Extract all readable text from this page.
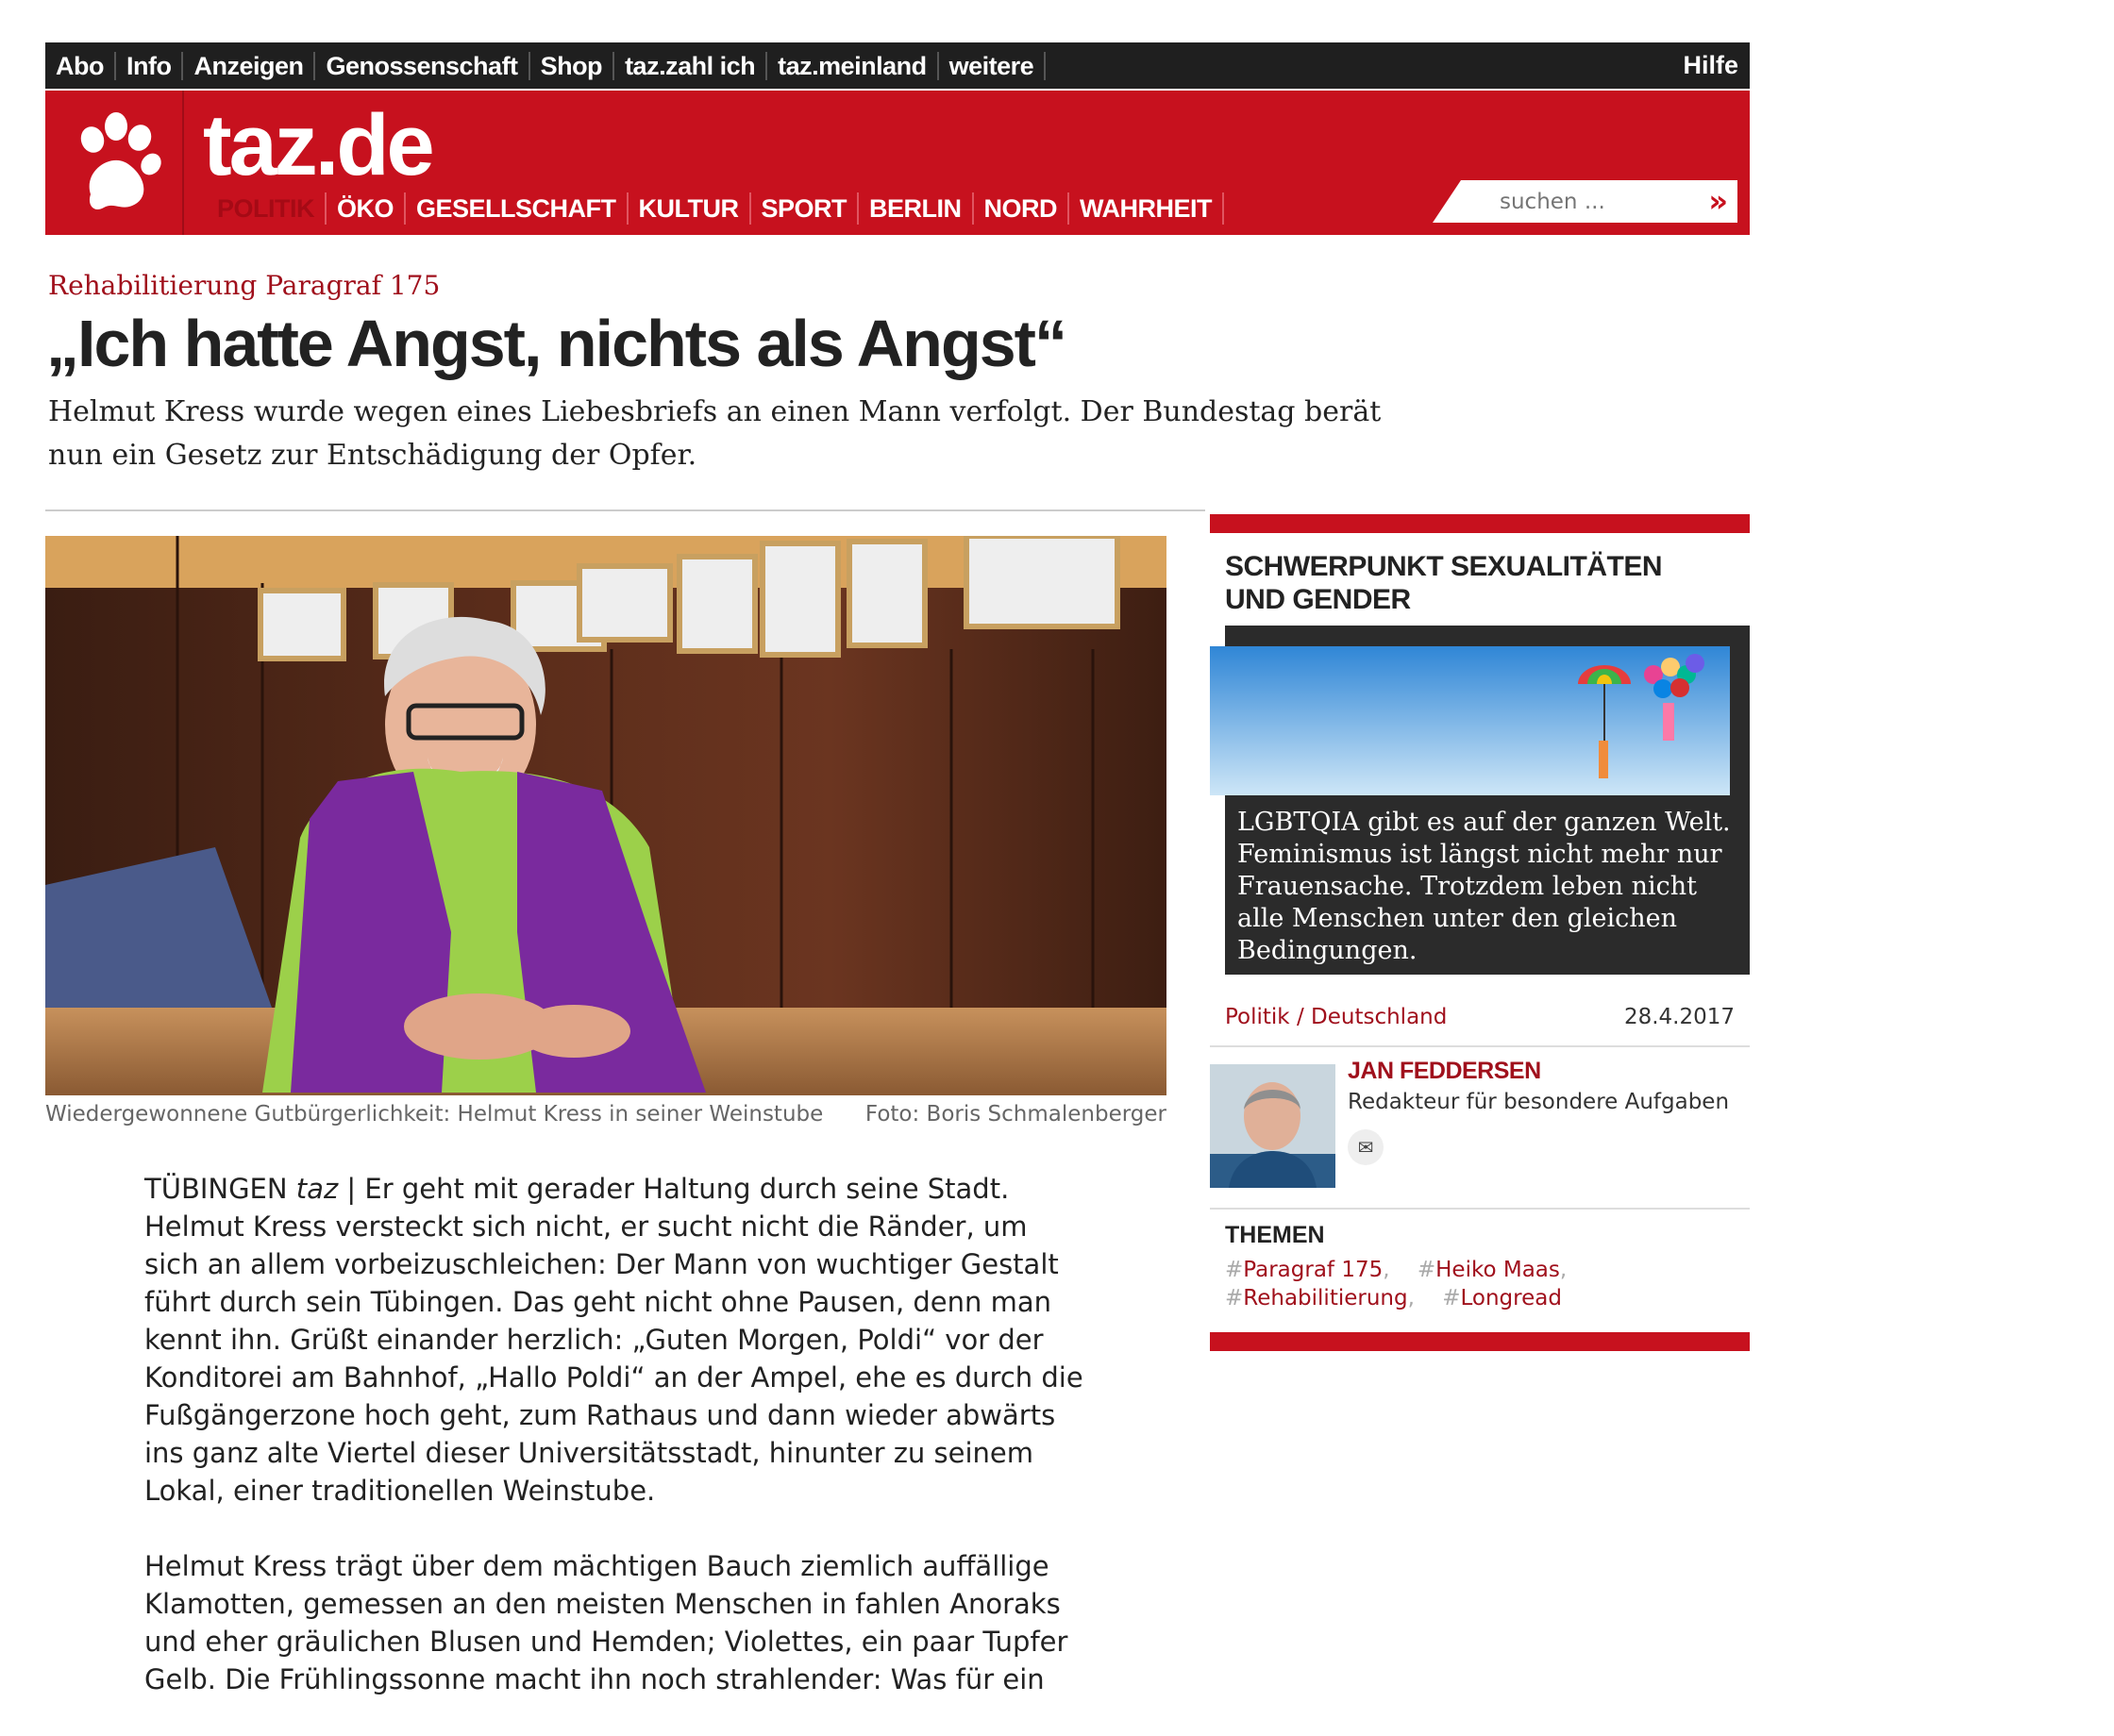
Abo Info Anzeigen Genossenschaft Shop taz.zahl ich taz.meinland weitere	Hilfe
taz.de
POLITIK ÖKO GESELLSCHAFT KULTUR SPORT BERLIN NORD WAHRHEIT
suchen ...	»
Rehabilitierung Paragraf 175
„Ich hatte Angst, nichts als Angst“
Helmut Kress wurde wegen eines Liebesbriefs an einen Mann verfolgt. Der Bundestag berät nun ein Gesetz zur Entschädigung der Opfer.
Wiedergewonnene Gutbürgerlichkeit: Helmut Kress in seiner Weinstube Foto: Boris Schmalenberger

TÜBINGEN taz | Er geht mit gerader Haltung durch seine Stadt. Helmut Kress versteckt sich nicht, er sucht nicht die Ränder, um sich an allem vorbeizuschleichen: Der Mann von wuchtiger Gestalt führt durch sein Tübingen. Das geht nicht ohne Pausen, denn man kennt ihn. Grüßt einander herzlich: „Guten Morgen, Poldi“ vor der Konditorei am Bahnhof, „Hallo Poldi“ an der Ampel, ehe es durch die Fußgängerzone hoch geht, zum Rathaus und dann wieder abwärts ins ganz alte Viertel dieser Universitätsstadt, hinunter zu seinem Lokal, einer traditionellen Weinstube.

Helmut Kress trägt über dem mächtigen Bauch ziemlich auffällige Klamotten, gemessen an den meisten Menschen in fahlen Anoraks und eher gräulichen Blusen und Hemden; Violettes, ein paar Tupfer Gelb. Die Frühlingssonne macht ihn noch strahlender: Was für ein

SCHWERPUNKT SEXUALITÄTEN UND GENDER
LGBTQIA gibt es auf der ganzen Welt. Feminismus ist längst nicht mehr nur Frauensache. Trotzdem leben nicht alle Menschen unter den gleichen Bedingungen.
Politik / Deutschland	28.4.2017
JAN FEDDERSEN
Redakteur für besondere Aufgaben
✉
THEMEN
#Paragraf 175, #Heiko Maas,
#Rehabilitierung, #Longread
